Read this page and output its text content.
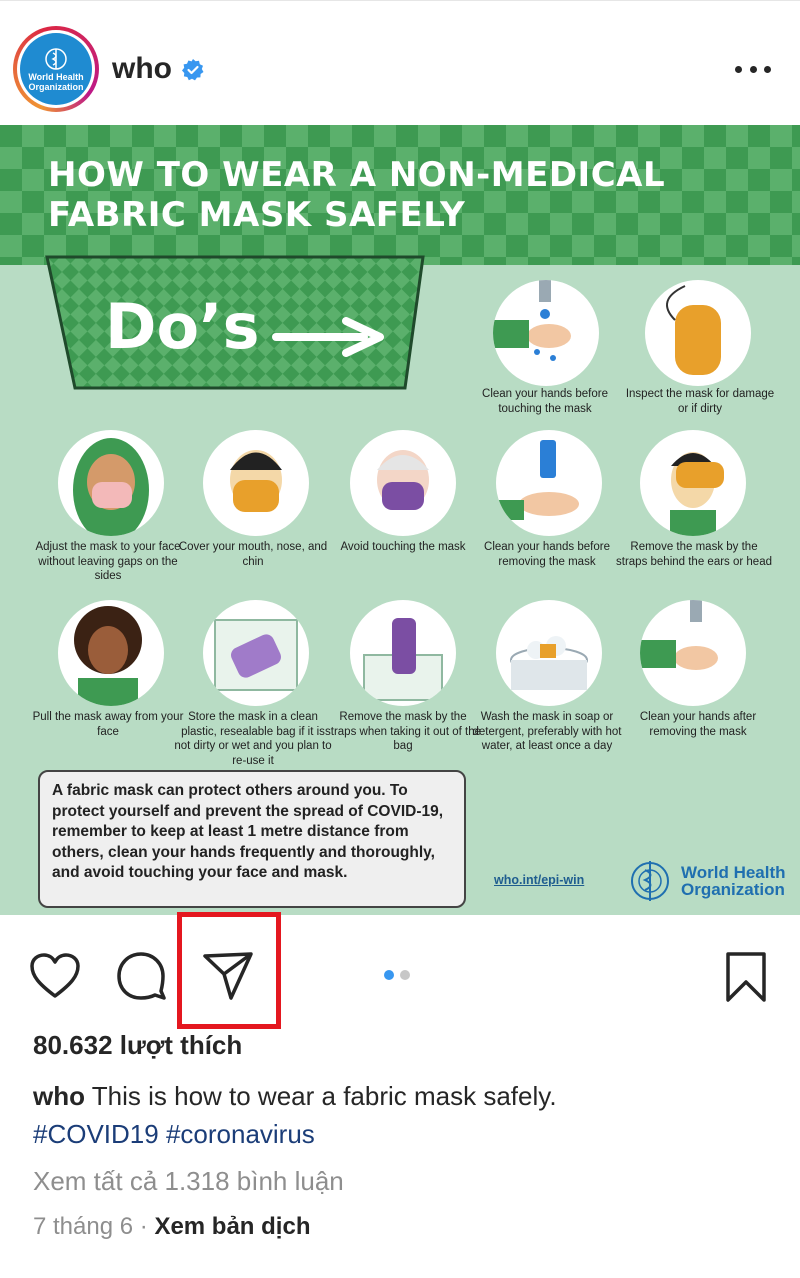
World Health Organization
who
HOW TO WEAR A NON-MEDICAL
FABRIC MASK SAFELY
Do’s
Clean your hands before touching the mask
Inspect the mask for damage or if dirty
Adjust the mask to your face without leaving gaps on the sides
Cover your mouth, nose, and chin
Avoid touching the mask	Clean your hands before removing the mask
Remove the mask by the straps behind the ears or head
Pull the mask away from your face
Store the mask in a clean plastic, resealable bag if it is not dirty or wet and you plan to re-use it
Remove the mask by the straps when taking it out of the bag
Wash the mask in soap or detergent, preferably with hot water, at least once a day
Clean your hands after removing the mask
A fabric mask can protect others around you. To protect yourself and prevent the spread of COVID-19, remember to keep at least 1 metre distance from others, clean your hands frequently and thoroughly, and avoid touching your face and mask.	who.int/epi-win	World Health
Organization
80.632 lượt thích
who This is how to wear a fabric mask safely.
#COVID19 #coronavirus
Xem tất cả 1.318 bình luận
7 tháng 6 · Xem bản dịch
